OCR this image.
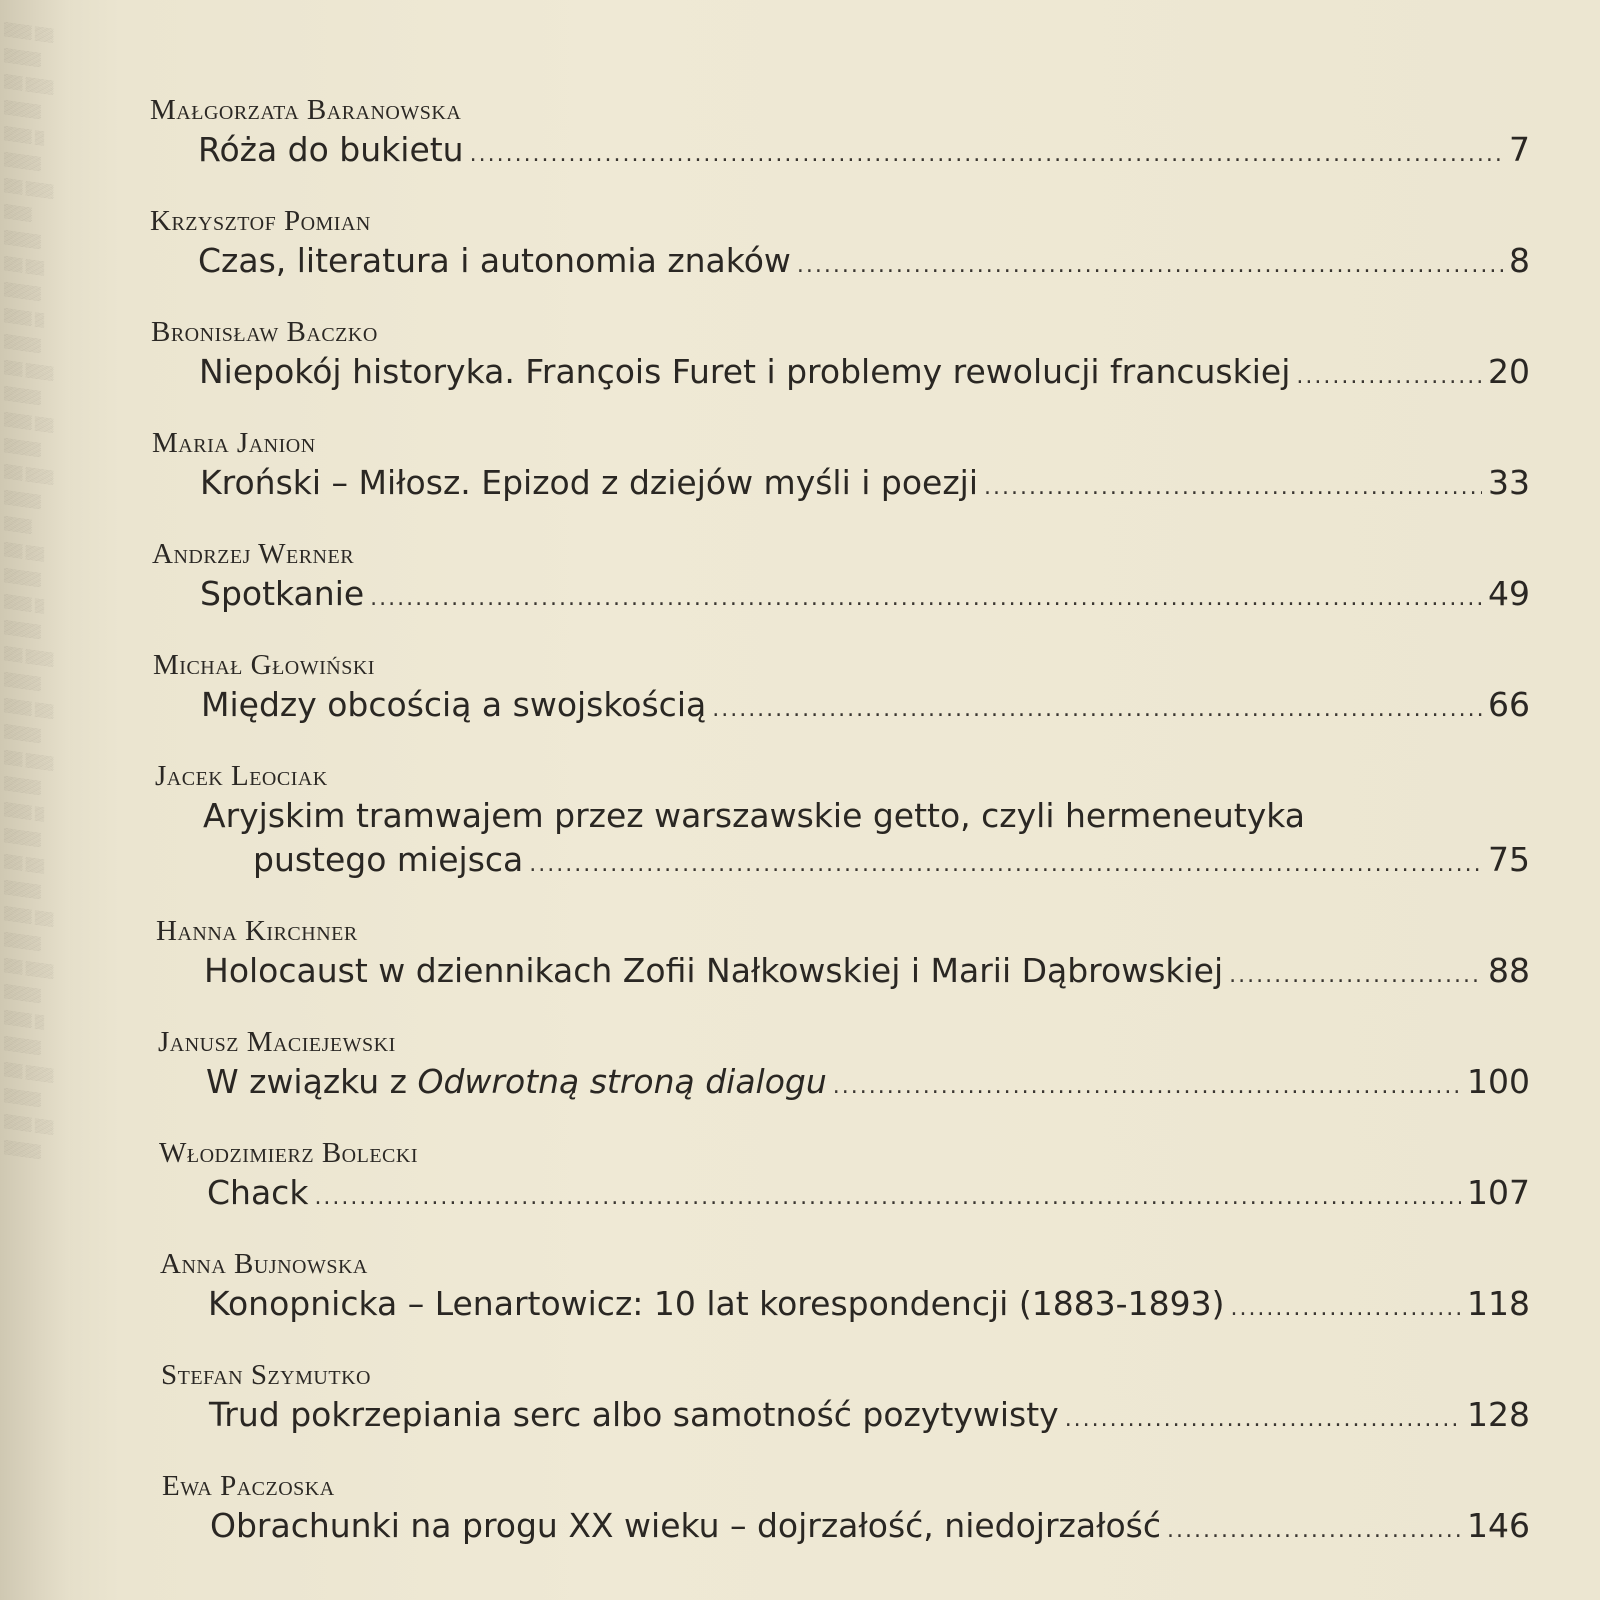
▒▒▒ ▒▒
▒▒▒▒
▒▒ ▒▒▒
▒▒▒▒
▒▒▒ ▒
▒▒▒▒
▒▒ ▒▒▒
▒▒▒
▒▒▒▒
▒▒ ▒▒
▒▒▒▒
▒▒▒ ▒
▒▒▒▒
▒▒ ▒▒▒
▒▒▒▒
▒▒▒ ▒▒
▒▒▒▒
▒▒ ▒▒▒
▒▒▒▒
▒▒▒
▒▒ ▒▒
▒▒▒▒
▒▒▒ ▒
▒▒▒▒
▒▒ ▒▒▒
▒▒▒▒
▒▒▒ ▒▒
▒▒▒▒
▒▒ ▒▒▒
▒▒▒▒
▒▒▒ ▒
▒▒▒▒
▒▒ ▒▒
▒▒▒▒
▒▒▒ ▒▒
▒▒▒▒
▒▒ ▒▒▒
▒▒▒▒
▒▒▒ ▒
▒▒▒▒
▒▒ ▒▒▒
▒▒▒▒
▒▒▒ ▒▒
▒▒▒▒
Małgorzata Baranowska
Róża do bukietu .....	7
Krzysztof Pomian
Czas, literatura i autonomia znaków .....	8
Bronisław Baczko
Niepokój historyka. François Furet i problemy rewolucji francuskiej .....	20
Maria Janion
Kroński – Miłosz. Epizod z dziejów myśli i poezji .....	33
Andrzej Werner
Spotkanie .....	49
Michał Głowiński
Między obcością a swojskością .....	66
Jacek Leociak
Aryjskim tramwajem przez warszawskie getto, czyli hermeneutyka
pustego miejsca .....	75
Hanna Kirchner
Holocaust w dziennikach Zofii Nałkowskiej i Marii Dąbrowskiej .....	88
Janusz Maciejewski
W związku z Odwrotną stroną dialogu .....	100
Włodzimierz Bolecki
Chack .....	107
Anna Bujnowska
Konopnicka – Lenartowicz: 10 lat korespondencji (1883-1893) .....	118
Stefan Szymutko
Trud pokrzepiania serc albo samotność pozytywisty .....	128
Ewa Paczoska
Obrachunki na progu XX wieku – dojrzałość, niedojrzałość .....	146
